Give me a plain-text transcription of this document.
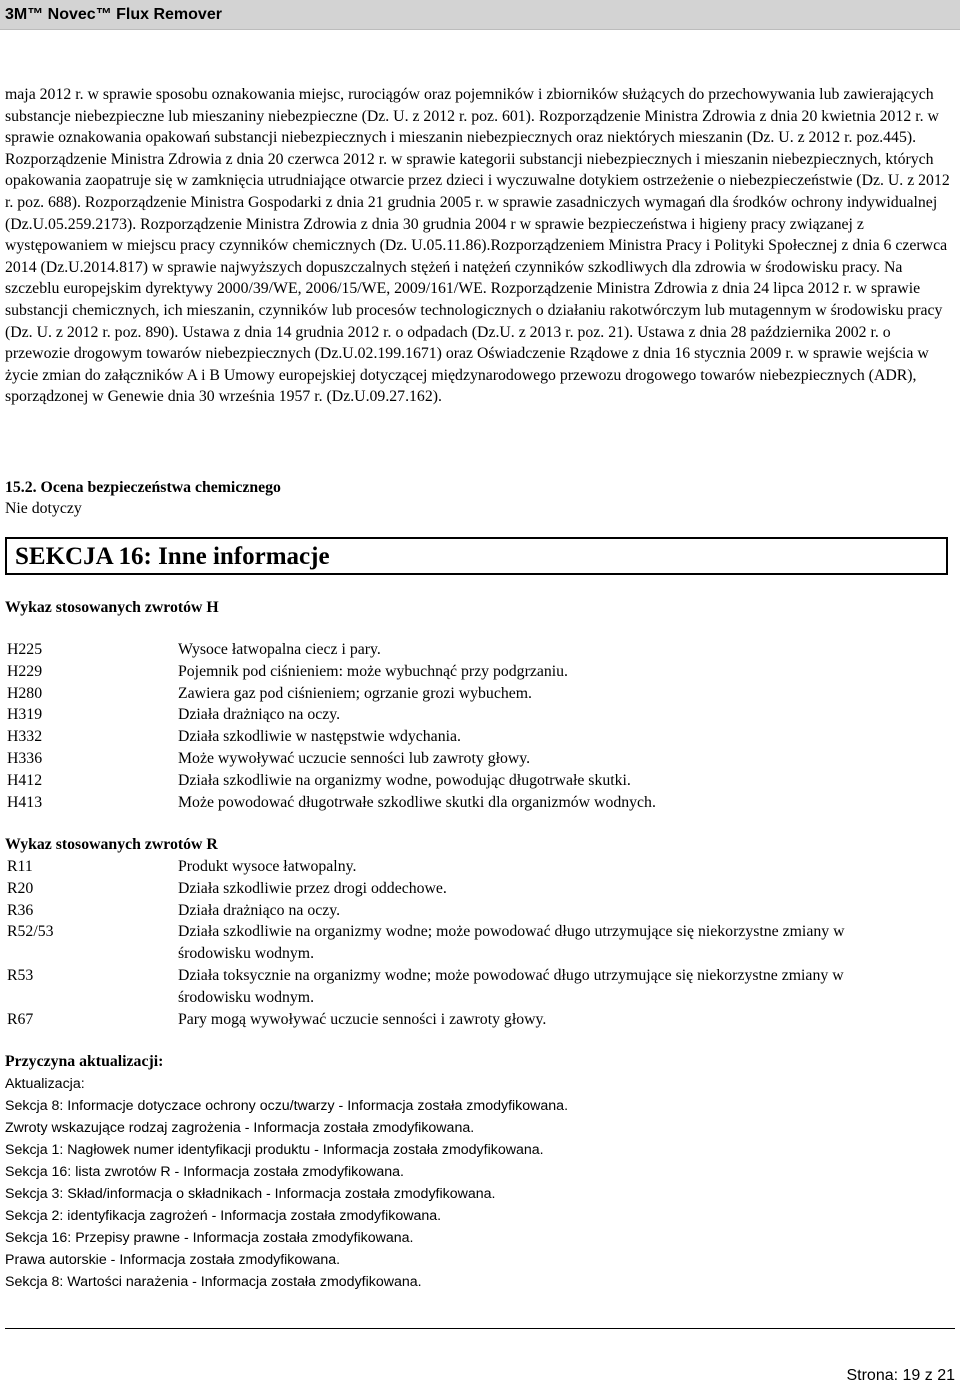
3M™ Novec™ Flux Remover
maja 2012 r. w sprawie sposobu oznakowania miejsc, rurociągów oraz pojemników i zbiorników służących do przechowywania lub zawierających substancje niebezpieczne lub mieszaniny niebezpieczne (Dz. U. z 2012 r. poz. 601). Rozporządzenie Ministra Zdrowia z dnia 20 kwietnia 2012 r. w sprawie oznakowania opakowań substancji niebezpiecznych i mieszanin niebezpiecznych oraz niektórych mieszanin (Dz. U. z 2012 r. poz.445). Rozporządzenie Ministra Zdrowia z dnia 20 czerwca 2012 r. w sprawie kategorii substancji niebezpiecznych i mieszanin niebezpiecznych, których opakowania zaopatruje się w zamknięcia utrudniające otwarcie przez dzieci i wyczuwalne dotykiem ostrzeżenie o niebezpieczeństwie (Dz. U. z 2012 r. poz. 688). Rozporządzenie Ministra Gospodarki z dnia 21 grudnia 2005 r. w sprawie zasadniczych wymagań dla środków ochrony indywidualnej (Dz.U.05.259.2173). Rozporządzenie Ministra Zdrowia z dnia 30 grudnia 2004 r w sprawie bezpieczeństwa i higieny pracy związanej z występowaniem w miejscu pracy czynników chemicznych (Dz. U.05.11.86).Rozporządzeniem Ministra Pracy i Polityki Społecznej z dnia 6 czerwca 2014 (Dz.U.2014.817) w sprawie najwyższych dopuszczalnych stężeń i natężeń czynników szkodliwych dla zdrowia w środowisku pracy. Na szczeblu europejskim dyrektywy 2000/39/WE, 2006/15/WE, 2009/161/WE. Rozporządzenie Ministra Zdrowia z dnia 24 lipca 2012 r. w sprawie substancji chemicznych, ich mieszanin, czynników lub procesów technologicznych o działaniu rakotwórczym lub mutagennym w środowisku pracy (Dz. U. z 2012 r. poz. 890). Ustawa z dnia 14 grudnia 2012 r. o odpadach (Dz.U. z 2013 r. poz. 21). Ustawa z dnia 28 października 2002 r. o przewozie drogowym towarów niebezpiecznych (Dz.U.02.199.1671) oraz Oświadczenie Rządowe z dnia 16 stycznia 2009 r. w sprawie wejścia w życie zmian do załączników A i B Umowy europejskiej dotyczącej międzynarodowego przewozu drogowego towarów niebezpiecznych (ADR), sporządzonej w Genewie dnia 30 września 1957 r. (Dz.U.09.27.162).
15.2. Ocena bezpieczeństwa chemicznego
Nie dotyczy
SEKCJA 16: Inne informacje
Wykaz stosowanych zwrotów H
H225	Wysoce łatwopalna ciecz i pary.
H229	Pojemnik pod ciśnieniem: może wybuchnąć przy podgrzaniu.
H280	Zawiera gaz pod ciśnieniem; ogrzanie grozi wybuchem.
H319	Działa drażniąco na oczy.
H332	Działa szkodliwie w następstwie wdychania.
H336	Może wywoływać uczucie senności lub zawroty głowy.
H412	Działa szkodliwie na organizmy wodne, powodując długotrwałe skutki.
H413	Może powodować długotrwałe szkodliwe skutki dla organizmów wodnych.
Wykaz stosowanych zwrotów R
R11	Produkt wysoce łatwopalny.
R20	Działa szkodliwie przez drogi oddechowe.
R36	Działa drażniąco na oczy.
R52/53	Działa szkodliwie na organizmy wodne; może powodować długo utrzymujące się niekorzystne zmiany w środowisku wodnym.
R53	Działa toksycznie na organizmy wodne; może powodować długo utrzymujące się niekorzystne zmiany w środowisku wodnym.
R67	Pary mogą wywoływać uczucie senności i zawroty głowy.
Przyczyna aktualizacji:
Aktualizacja:
Sekcja 8: Informacje dotyczace ochrony oczu/twarzy - Informacja została zmodyfikowana.
Zwroty wskazujące rodzaj zagrożenia - Informacja została zmodyfikowana.
Sekcja 1: Nagłowek numer identyfikacji produktu - Informacja została zmodyfikowana.
Sekcja 16: lista zwrotów R - Informacja została zmodyfikowana.
Sekcja 3: Skład/informacja o składnikach - Informacja została zmodyfikowana.
Sekcja 2: identyfikacja zagrożeń - Informacja została zmodyfikowana.
Sekcja 16: Przepisy prawne - Informacja została zmodyfikowana.
Prawa autorskie - Informacja została zmodyfikowana.
Sekcja 8: Wartości narażenia - Informacja została zmodyfikowana.
Strona: 19 z 21
